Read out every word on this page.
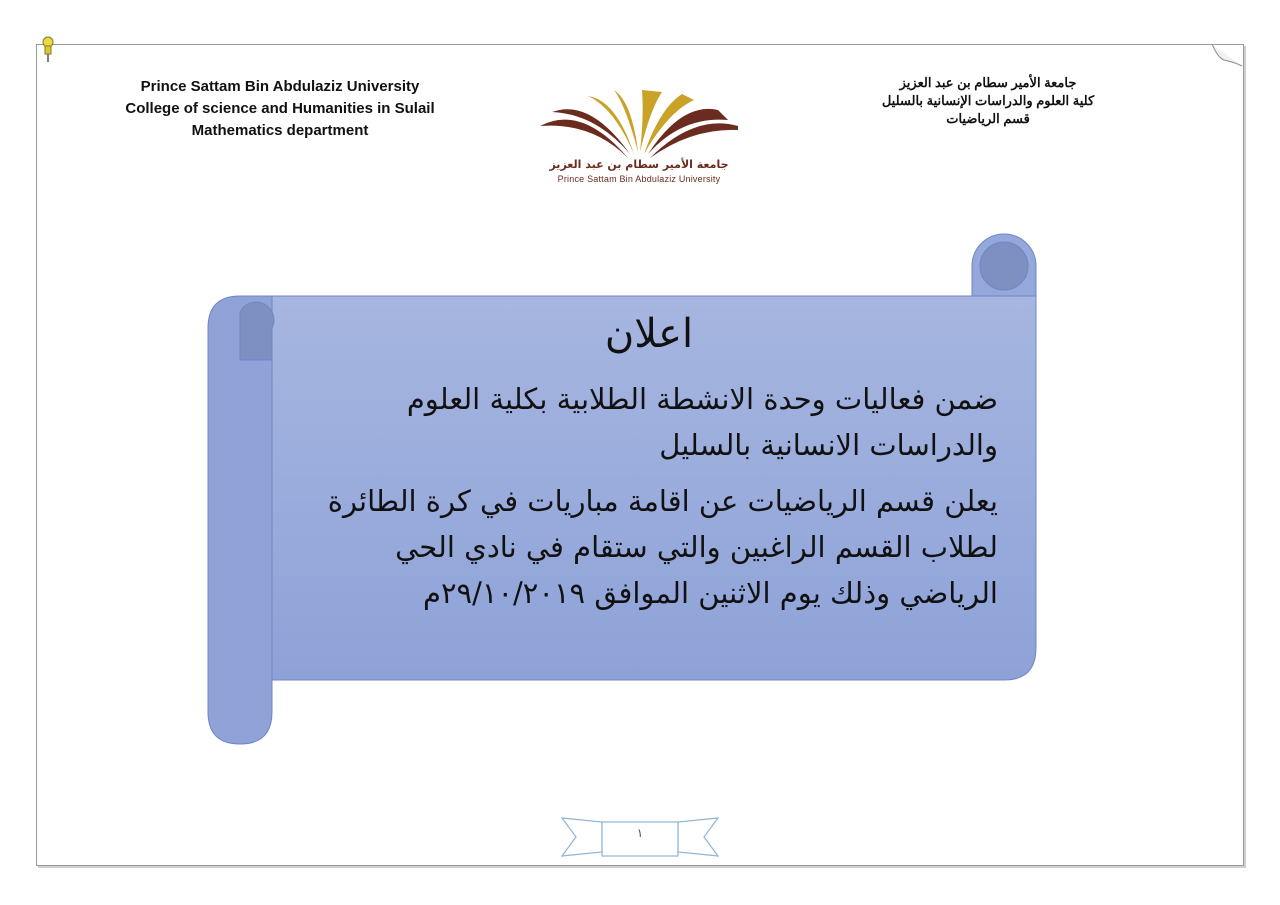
Prince Sattam Bin Abdulaziz University
College of science and Humanities in Sulail
Mathematics department
جامعة الأمير سطام بن عبد العزيز
كلية العلوم والدراسات الإنسانية بالسليل
قسم الرياضيات
جامعة الأمير سطام بن عبد العزيز
Prince Sattam Bin Abdulaziz University
اعلان

ضمن فعاليات وحدة الانشطة الطلابية بكلية العلوم

والدراسات الانسانية بالسليل

يعلن قسم الرياضيات عن اقامة مباريات في كرة الطائرة

لطلاب القسم الراغبين والتي ستقام في نادي الحي

الرياضي وذلك يوم الاثنين الموافق ٢٩/١٠/٢٠١٩م

١
